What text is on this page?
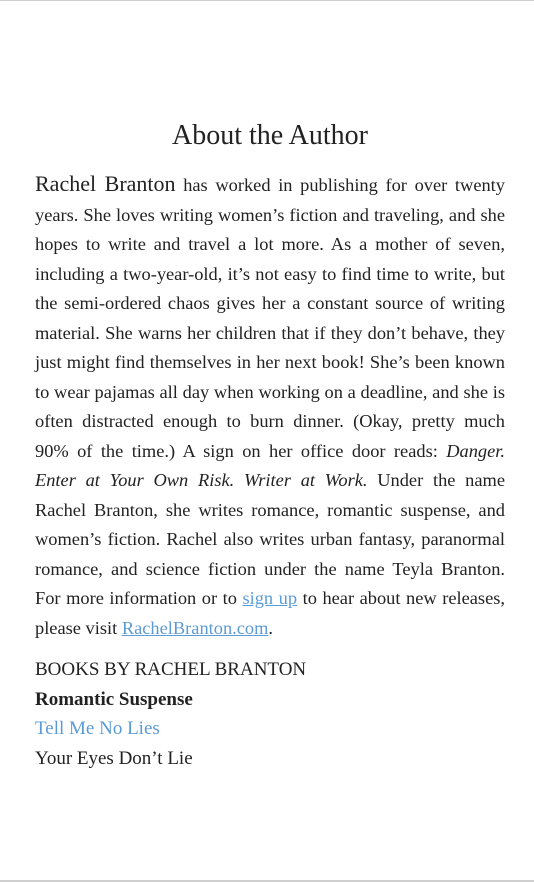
About the Author

Rachel Branton has worked in publishing for over twenty years. She loves writing women’s fiction and traveling, and she hopes to write and travel a lot more. As a mother of seven, including a two-year-old, it’s not easy to find time to write, but the semi-ordered chaos gives her a constant source of writing material. She warns her children that if they don’t behave, they just might find themselves in her next book! She’s been known to wear pajamas all day when working on a deadline, and she is often distracted enough to burn dinner. (Okay, pretty much 90% of the time.) A sign on her office door reads: Danger. Enter at Your Own Risk. Writer at Work. Under the name Rachel Branton, she writes romance, romantic suspense, and women’s fiction. Rachel also writes urban fantasy, paranormal romance, and science fiction under the name Teyla Branton. For more information or to sign up to hear about new releases, please visit RachelBranton.com.

BOOKS BY RACHEL BRANTON
Romantic Suspense
Tell Me No Lies
Your Eyes Don’t Lie
